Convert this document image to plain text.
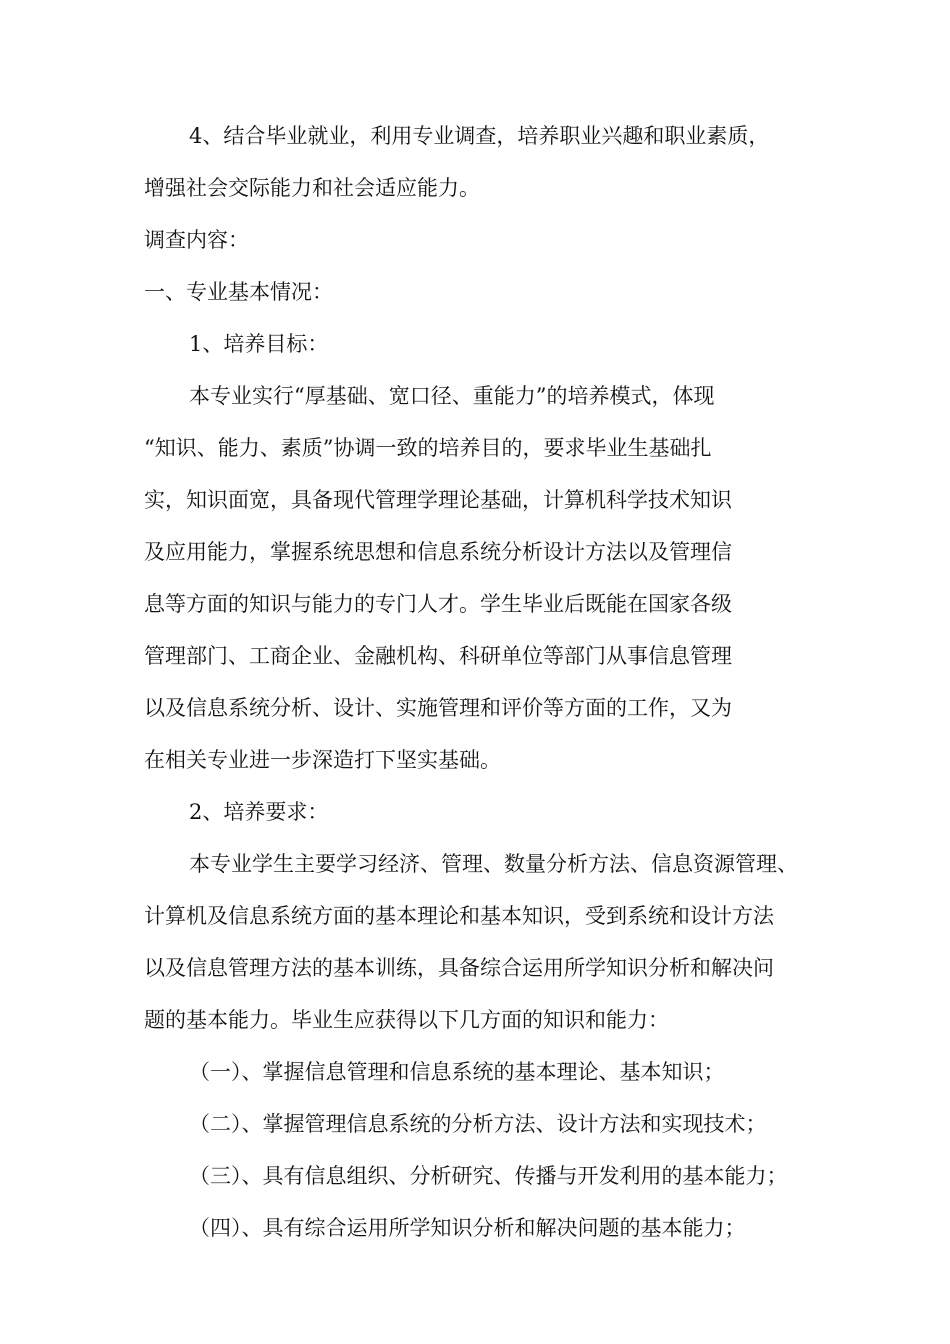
4、结合毕业就业，利用专业调查，培养职业兴趣和职业素质，
增强社会交际能力和社会适应能力。
调查内容：
一、专业基本情况：
1、培养目标：
本专业实行“厚基础、宽口径、重能力”的培养模式，体现
“知识、能力、素质”协调一致的培养目的，要求毕业生基础扎
实，知识面宽，具备现代管理学理论基础，计算机科学技术知识
及应用能力，掌握系统思想和信息系统分析设计方法以及管理信
息等方面的知识与能力的专门人才。学生毕业后既能在国家各级
管理部门、工商企业、金融机构、科研单位等部门从事信息管理
以及信息系统分析、设计、实施管理和评价等方面的工作，又为
在相关专业进一步深造打下坚实基础。
2、培养要求：
本专业学生主要学习经济、管理、数量分析方法、信息资源管理、
计算机及信息系统方面的基本理论和基本知识，受到系统和设计方法
以及信息管理方法的基本训练，具备综合运用所学知识分析和解决问
题的基本能力。毕业生应获得以下几方面的知识和能力：
（一）、掌握信息管理和信息系统的基本理论、基本知识；
（二）、掌握管理信息系统的分析方法、设计方法和实现技术；
（三）、具有信息组织、分析研究、传播与开发利用的基本能力；
（四）、具有综合运用所学知识分析和解决问题的基本能力；
